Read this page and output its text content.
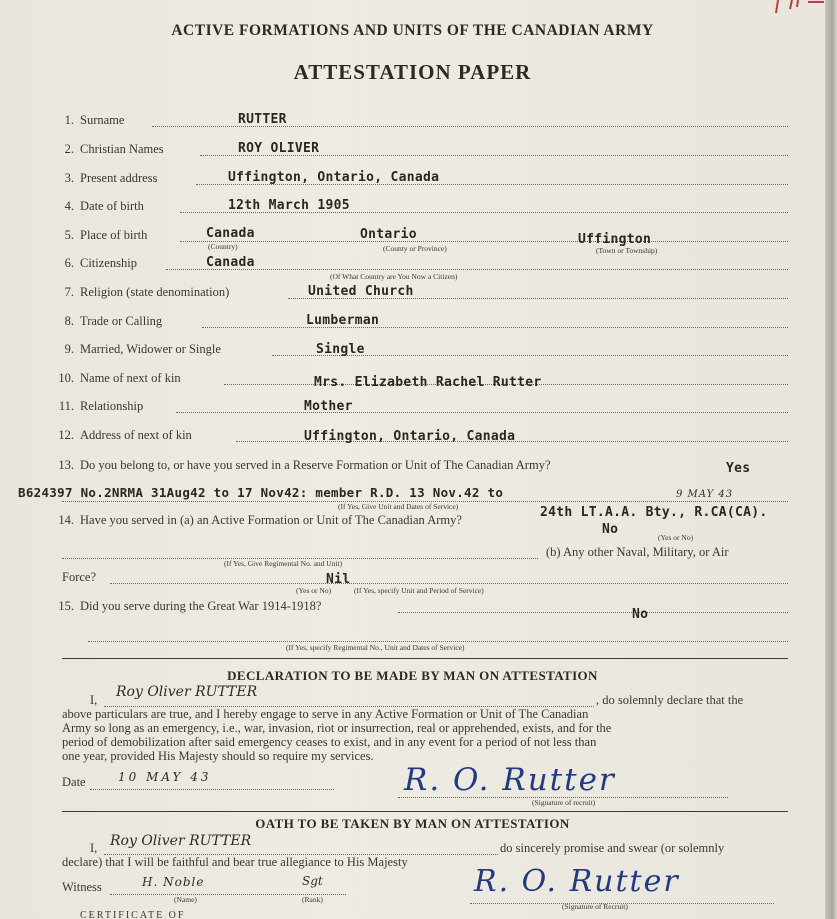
ACTIVE FORMATIONS AND UNITS OF THE CANADIAN ARMY
ATTESTATION PAPER
1. Surname	RUTTER
2. Christian Names	ROY OLIVER
3. Present address	Uffington, Ontario, Canada
4. Date of birth	12th March 1905
5. Place of birth	Canada
(Country)
Ontario
(County or Province)
Uffington
(Town or Township)
6. Citizenship	Canada
(Of What Country are You Now a Citizen)
7. Religion (state denomination)	United Church
8. Trade or Calling	Lumberman
9. Married, Widower or Single	Single
10. Name of next of kin	Mrs. Elizabeth Rachel Rutter
11. Relationship	Mother
12. Address of next of kin	Uffington, Ontario, Canada
13. Do you belong to, or have you served in a Reserve Formation or Unit of The Canadian Army?	Yes
B624397 No.2NRMA 31Aug42 to 17 Nov42: member R.D. 13 Nov.42 to
(If Yes, Give Unit and Dates of Service)
9 MAY 43
14. Have you served in (a) an Active Formation or Unit of The Canadian Army?	24th LT.A.A. Bty., R.CA(CA).
No
(Yes or No)
(b) Any other Naval, Military, or Air
(If Yes, Give Regimental No. and Unit)
Force?	Nil
(Yes or No)	(If Yes, specify Unit and Period of Service)
15. Did you serve during the Great War 1914-1918?
No
(If Yes, specify Regimental No., Unit and Dates of Service)
DECLARATION TO BE MADE BY MAN ON ATTESTATION
I, Roy Oliver RUTTER	, do solemnly declare that the
above particulars are true, and I hereby engage to serve in any Active Formation or Unit of The Canadian
Army so long as an emergency, i.e., war, invasion, riot or insurrection, real or apprehended, exists, and for the
period of demobilization after said emergency ceases to exist, and in any event for a period of not less than
one year, provided His Majesty should so require my services.
Date	10 MAY 43	R. O. Rutter
(Signature of recruit)
OATH TO BE TAKEN BY MAN ON ATTESTATION
I, Roy Oliver RUTTER	do sincerely promise and swear (or solemnly
declare) that I will be faithful and bear true allegiance to His Majesty
Witness	H. Noble	Sgt
(Name)	(Rank)
R. O. Rutter
(Signature of Recruit)
CERTIFICATE OF
